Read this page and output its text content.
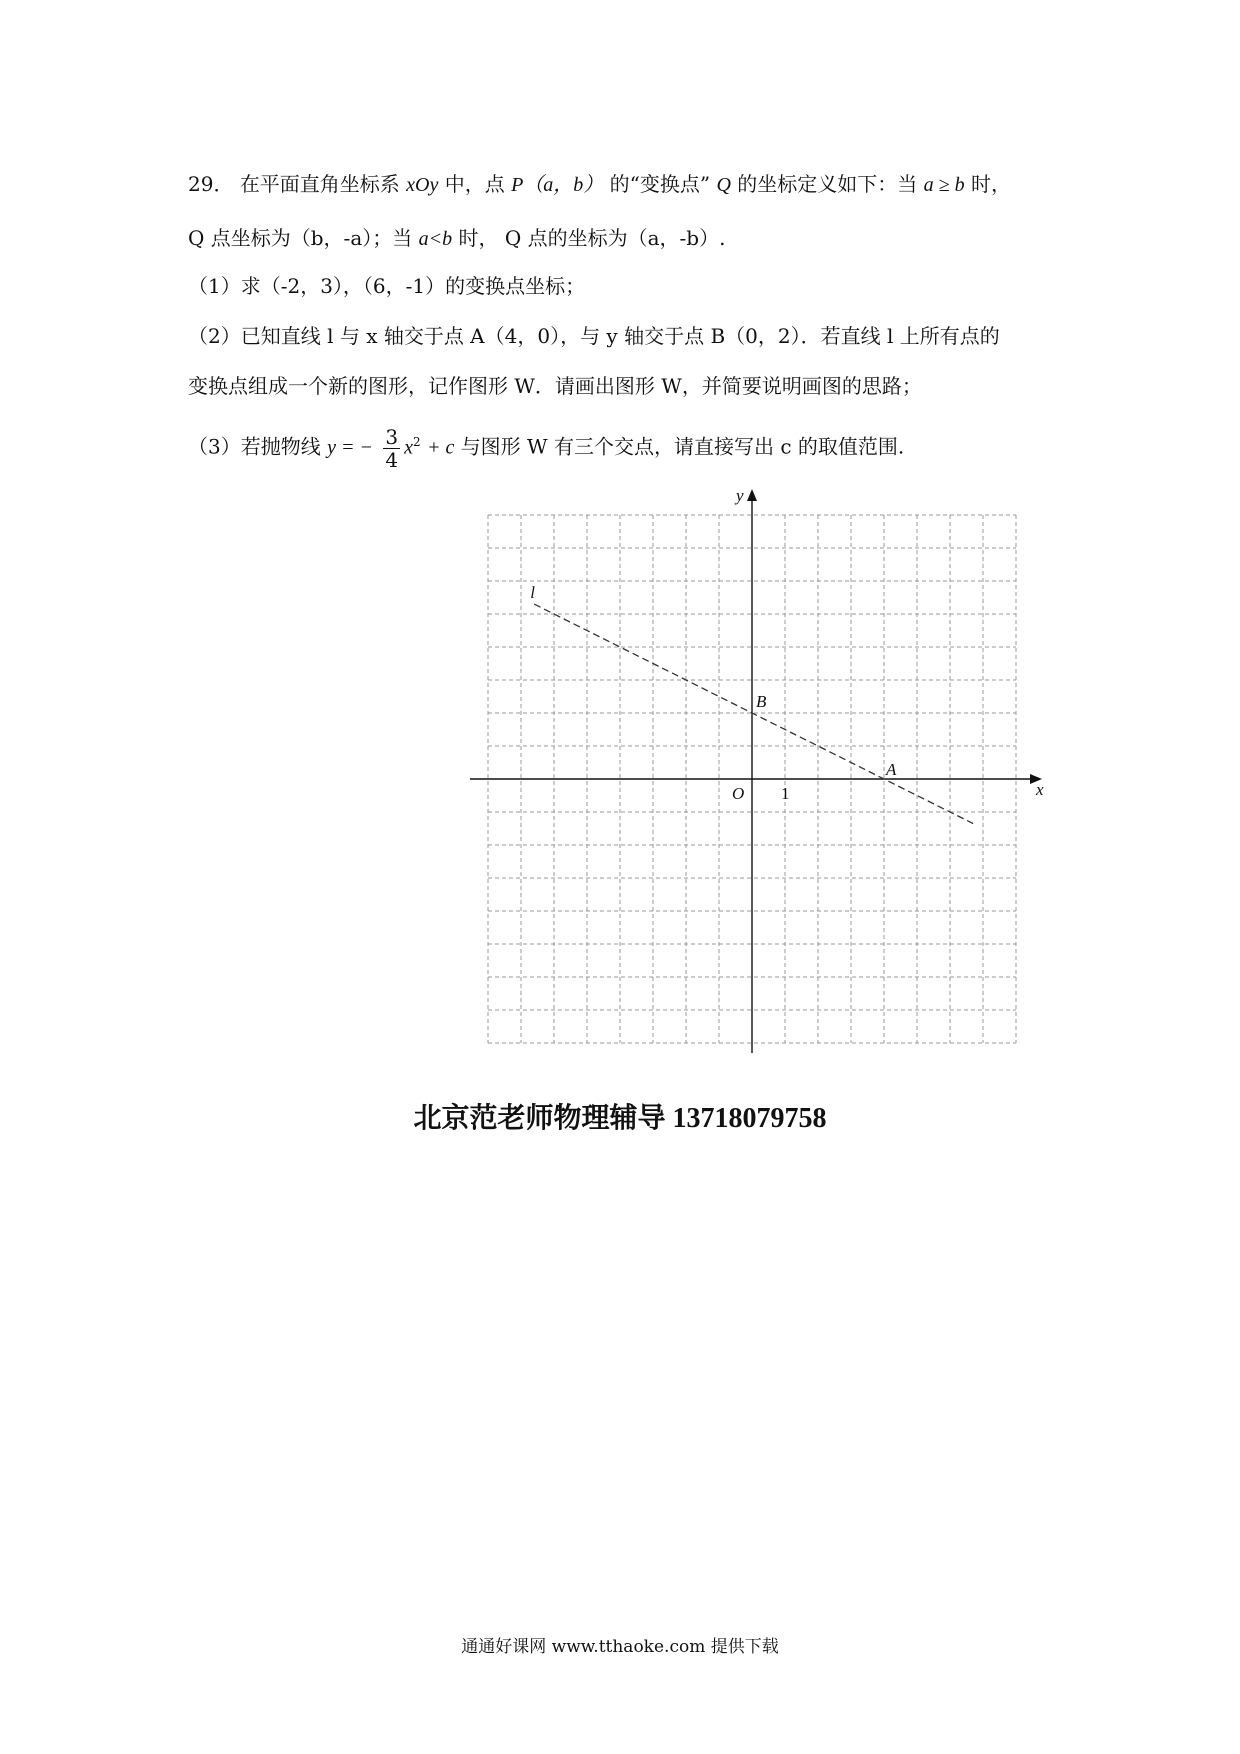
29． 在平面直角坐标系 xOy 中，点 P（a，b） 的“变换点” Q 的坐标定义如下：当 a ≥ b 时，
Q 点坐标为（b，-a）；当 a<b 时， Q 点的坐标为（a，-b）.
（1）求（-2，3），（6，-1）的变换点坐标；
（2）已知直线 l 与 x 轴交于点 A（4，0），与 y 轴交于点 B（0，2）．若直线 l 上所有点的
变换点组成一个新的图形，记作图形 W．请画出图形 W，并简要说明画图的思路；
（3）若抛物线 y = − $\frac{3}{4} x^2 + c$ 与图形 W 有三个交点，请直接写出 c 的取值范围.
x
y
O 1
A
B
l
北京范老师物理辅导 13718079758
通通好课网 www.tthaoke.com 提供下载
